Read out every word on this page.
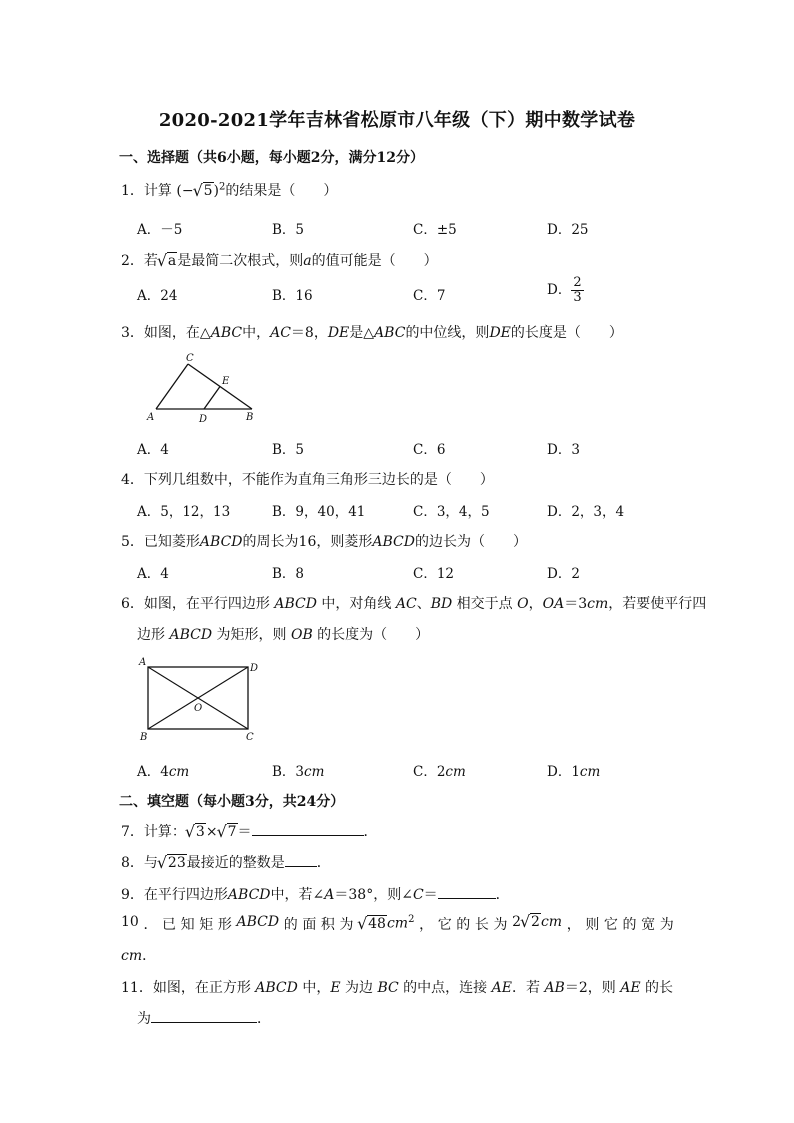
2020-2021学年吉林省松原市八年级（下）期中数学试卷
一、选择题（共6小题，每小题2分，满分12分）
1．计算 (− √ 5)$^2$的结果是（　　）
A．－5	B．5	C．±5	D．25
2．若 √ a是最简二次根式，则a的值可能是（　　）
A．24	B．16	C．7	D． $\frac{2}{3}$
3．如图，在△ABC中，AC＝8，DE是△ABC的中位线，则DE的长度是（　　）
C
E
A	D	B
A．4	B．5	C．6	D．3
4．下列几组数中，不能作为直角三角形三边长的是（　　）
A．5，12，13	B．9，40，41	C．3，4，5	D．2，3，4
5．已知菱形ABCD的周长为16，则菱形ABCD的边长为（　　）
A．4	B．8	C．12	D．2
6．如图，在平行四边形 ABCD 中，对角线 AC、BD 相交于点 O，OA＝3cm，若要使平行四
边形 ABCD 为矩形，则 OB 的长度为（　　）
A
D
B	C
O
A．4cm	B．3cm	C．2cm	D．1cm
二、填空题（每小题3分，共24分）
7．计算： √ 3× √ 7＝	．
8．与 √ 23最接近的整数是 ．
9．在平行四边形ABCD中，若∠A＝38°，则∠C＝	．
10 ． 已 知 矩 形 ABCD 的 面 积 为	√ $48cm^2$ ， 它 的 长 为 2 √ 2cm ， 则 它 的 宽 为
cm．
11．如图，在正方形 ABCD 中，E 为边 BC 的中点，连接 AE．若 AB＝2，则 AE 的长
为	．
